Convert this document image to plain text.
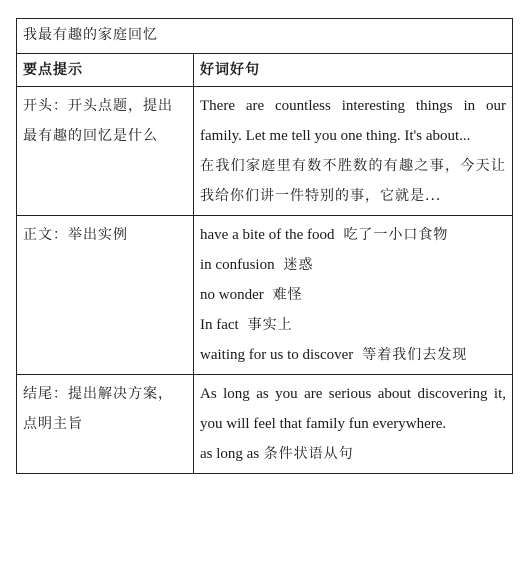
我最有趣的家庭回忆	
要点提示	好词好句
开头：开头点题，提出最有趣的回忆是什么	There are countless interesting things in our family. Let me tell you one thing. It's about...
在我们家庭里有数不胜数的有趣之事，今天让我给你们讲一件特别的事，它就是...

正文：举出实例	have a bite of the food 吃了一小口食物
in confusion 迷惑
no wonder 难怪
In fact 事实上
waiting for us to discover 等着我们去发现

结尾：提出解决方案，点明主旨	As long as you are serious about discovering it, you will feel that family fun everywhere.
as long as 条件状语从句
